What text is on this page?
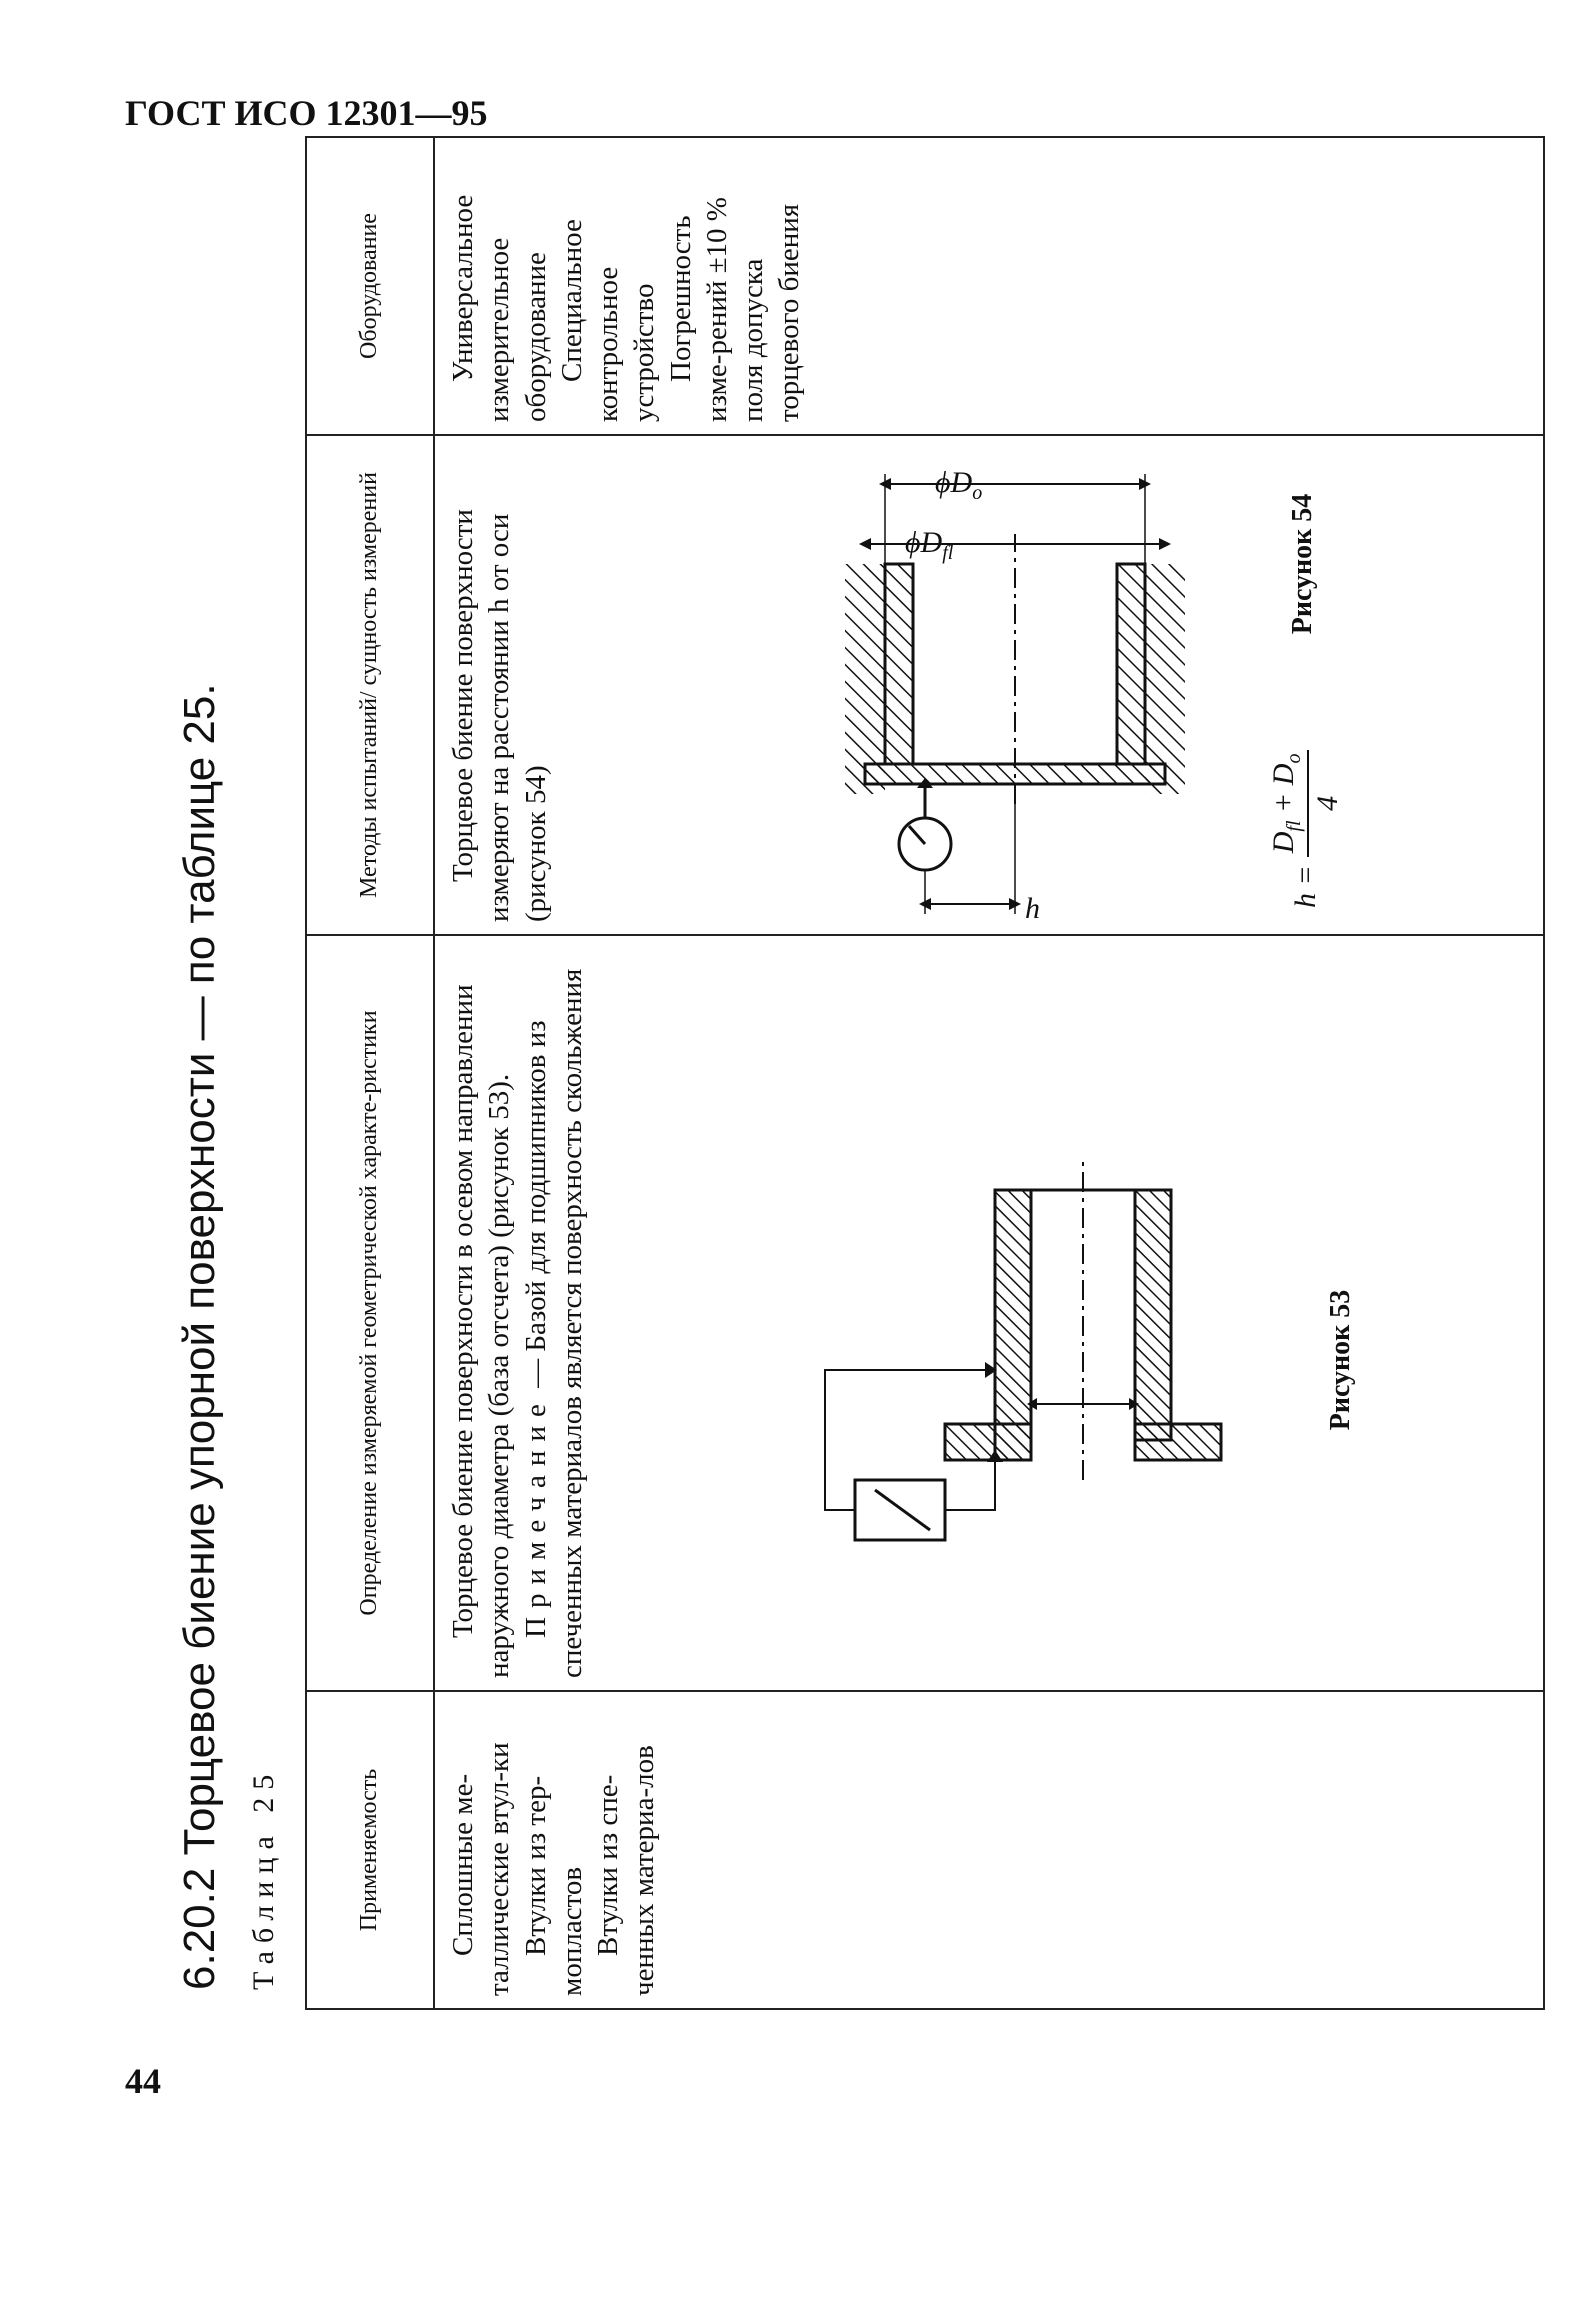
ГОСТ ИСО 12301—95
44
6.20.2 Торцевое биение упорной поверхности — по таблице 25. Таблица 25	Применяемость
Определение измеряемой геометрической характе-ристики
Методы испытаний/ сущность измерений
Оборудование

Сплошные ме-таллические втул-ки Втулки из тер-мопластов Втулки из спе-ченных материа-лов

Торцевое биение поверхности в осевом направлении наружного диаметра (база отсчета) (рисунок 53). Примечание — Базой для подшипников из спеченных материалов является поверхность скольжения

Торцевое биение поверхности измеряют на расстоянии h от оси (рисунок 54)	h
$\phi D_{fl}$
$\phi D_o$
h =
$D_{fl} + D_o$
4
Рисунок 54

Универсальное измерительное оборудование Специальное контрольное устройство Погрешность изме-рений ±10 % поля допуска торцевого биения

Рисунок 53
